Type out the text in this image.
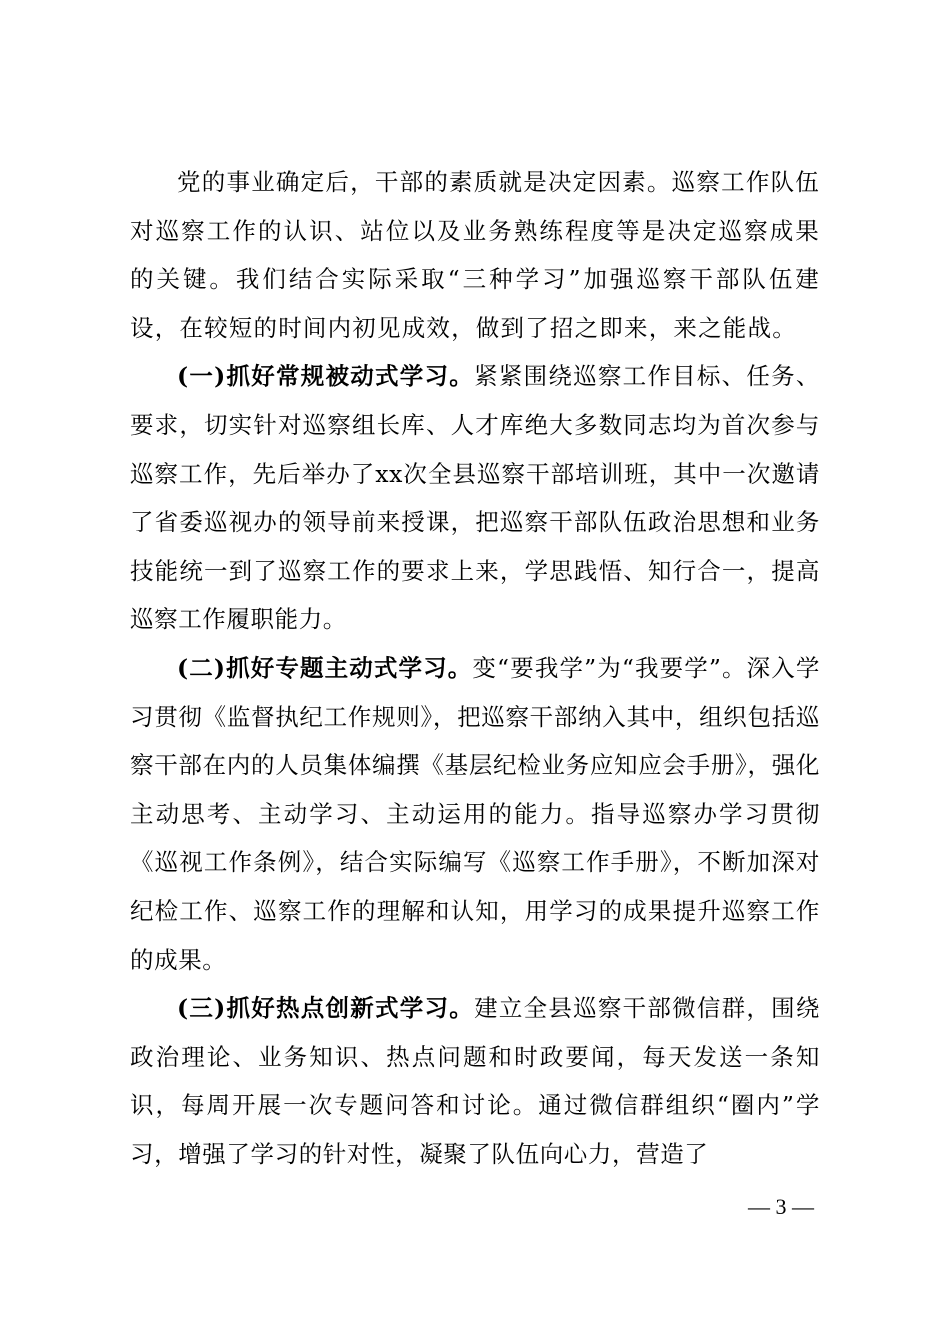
党的事业确定后，干部的素质就是决定因素。巡察工作队伍对巡察工作的认识、站位以及业务熟练程度等是决定巡察成果的关键。我们结合实际采取“三种学习”加强巡察干部队伍建设，在较短的时间内初见成效，做到了招之即来，来之能战。

(一)抓好常规被动式学习。紧紧围绕巡察工作目标、任务、要求，切实针对巡察组长库、人才库绝大多数同志均为首次参与巡察工作，先后举办了xx次全县巡察干部培训班，其中一次邀请了省委巡视办的领导前来授课，把巡察干部队伍政治思想和业务技能统一到了巡察工作的要求上来，学思践悟、知行合一，提高巡察工作履职能力。

(二)抓好专题主动式学习。变“要我学”为“我要学”。深入学习贯彻《监督执纪工作规则》，把巡察干部纳入其中，组织包括巡察干部在内的人员集体编撰《基层纪检业务应知应会手册》，强化主动思考、主动学习、主动运用的能力。指导巡察办学习贯彻《巡视工作条例》，结合实际编写《巡察工作手册》，不断加深对纪检工作、巡察工作的理解和认知，用学习的成果提升巡察工作的成果。

(三)抓好热点创新式学习。建立全县巡察干部微信群，围绕政治理论、业务知识、热点问题和时政要闻，每天发送一条知识，每周开展一次专题问答和讨论。通过微信群组织“圈内”学习，增强了学习的针对性，凝聚了队伍向心力，营造了

— 3 —
